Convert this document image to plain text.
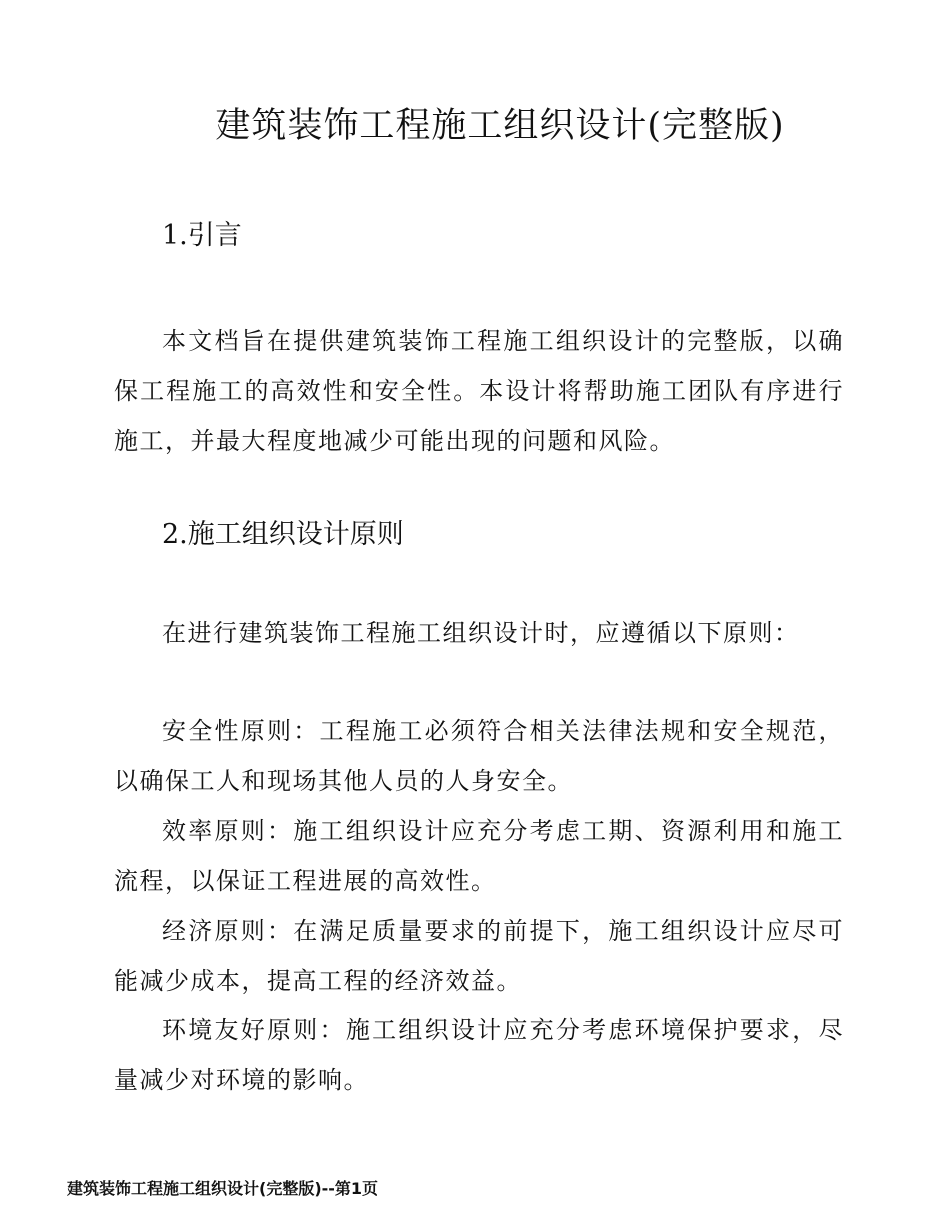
建筑装饰工程施工组织设计(完整版)
1.引言

本文档旨在提供建筑装饰工程施工组织设计的完整版，以确保工程施工的高效性和安全性。本设计将帮助施工团队有序进行施工，并最大程度地减少可能出现的问题和风险。

2.施工组织设计原则

在进行建筑装饰工程施工组织设计时，应遵循以下原则：

安全性原则：工程施工必须符合相关法律法规和安全规范，以确保工人和现场其他人员的人身安全。

效率原则：施工组织设计应充分考虑工期、资源利用和施工流程，以保证工程进展的高效性。

经济原则：在满足质量要求的前提下，施工组织设计应尽可能减少成本，提高工程的经济效益。

环境友好原则：施工组织设计应充分考虑环境保护要求，尽量减少对环境的影响。

建筑装饰工程施工组织设计(完整版)--第1页
